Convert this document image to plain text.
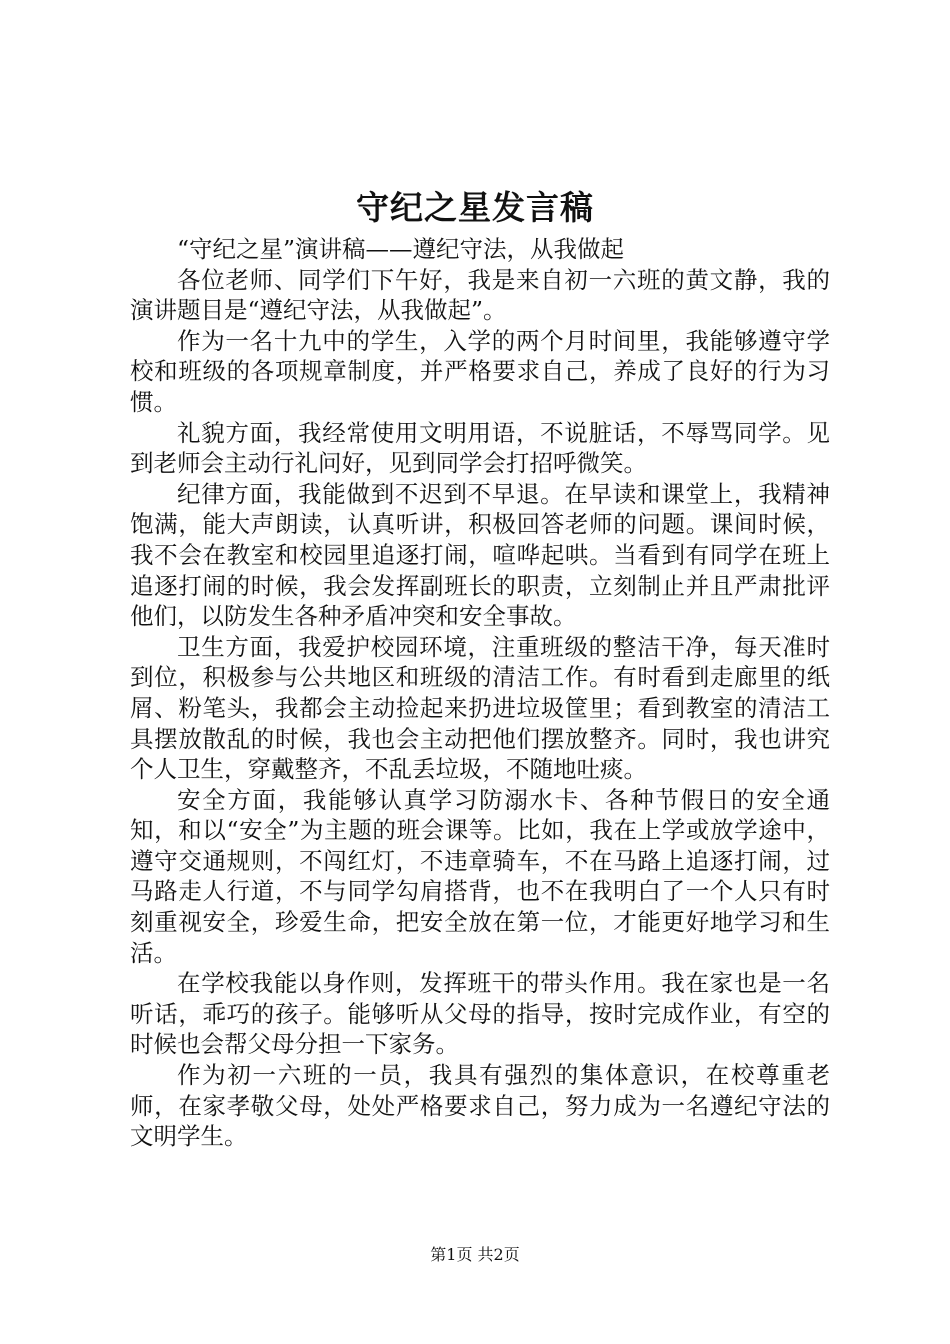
守纪之星发言稿

“守纪之星”演讲稿——遵纪守法，从我做起

各位老师、同学们下午好，我是来自初一六班的黄文静，我的演讲题目是“遵纪守法，从我做起”。

作为一名十九中的学生，入学的两个月时间里，我能够遵守学校和班级的各项规章制度，并严格要求自己，养成了良好的行为习惯。

礼貌方面，我经常使用文明用语，不说脏话，不辱骂同学。见到老师会主动行礼问好，见到同学会打招呼微笑。

纪律方面，我能做到不迟到不早退。在早读和课堂上，我精神饱满，能大声朗读，认真听讲，积极回答老师的问题。课间时候，我不会在教室和校园里追逐打闹，喧哗起哄。当看到有同学在班上追逐打闹的时候，我会发挥副班长的职责，立刻制止并且严肃批评他们，以防发生各种矛盾冲突和安全事故。

卫生方面，我爱护校园环境，注重班级的整洁干净，每天准时到位，积极参与公共地区和班级的清洁工作。有时看到走廊里的纸屑、粉笔头，我都会主动捡起来扔进垃圾筐里；看到教室的清洁工具摆放散乱的时候，我也会主动把他们摆放整齐。同时，我也讲究个人卫生，穿戴整齐，不乱丢垃圾，不随地吐痰。

安全方面，我能够认真学习防溺水卡、各种节假日的安全通知，和以“安全”为主题的班会课等。比如，我在上学或放学途中，遵守交通规则，不闯红灯，不违章骑车，不在马路上追逐打闹，过马路走人行道，不与同学勾肩搭背，也不在我明白了一个人只有时刻重视安全，珍爱生命，把安全放在第一位，才能更好地学习和生活。

在学校我能以身作则，发挥班干的带头作用。我在家也是一名听话，乖巧的孩子。能够听从父母的指导，按时完成作业，有空的时候也会帮父母分担一下家务。

作为初一六班的一员，我具有强烈的集体意识，在校尊重老师，在家孝敬父母，处处严格要求自己，努力成为一名遵纪守法的文明学生。

第1页 共2页
